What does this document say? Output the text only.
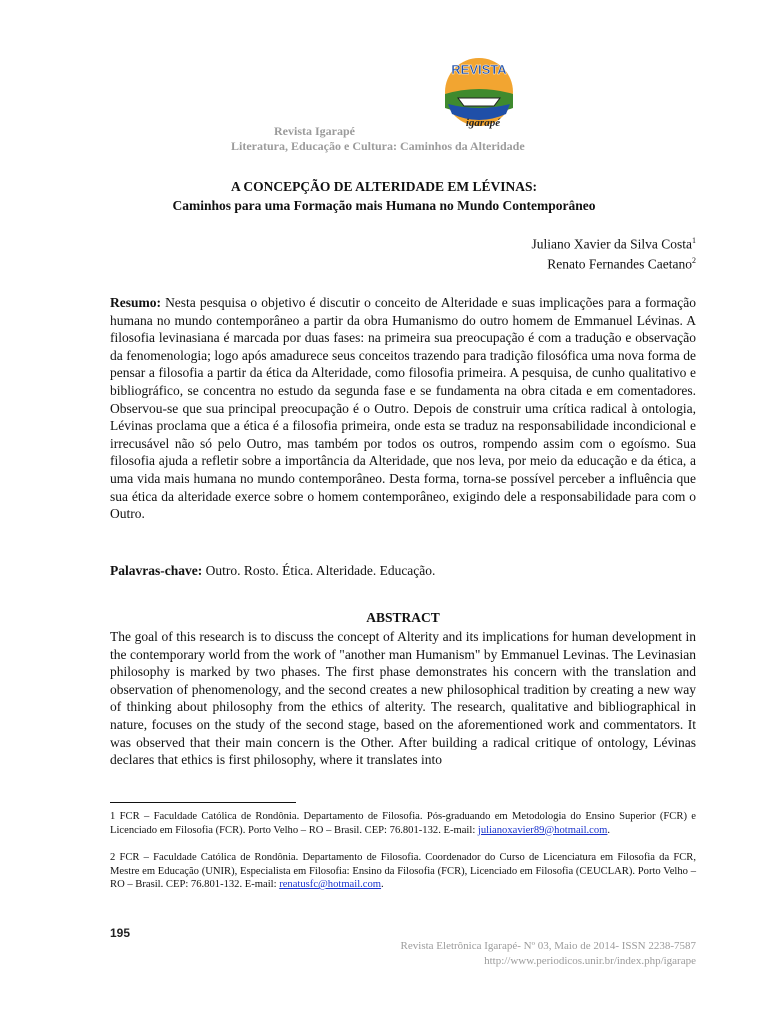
REVISTA
igarapé
Revista Igarapé
Literatura, Educação e Cultura: Caminhos da Alteridade
A CONCEPÇÃO DE ALTERIDADE EM LÉVINAS:
Caminhos para uma Formação mais Humana no Mundo Contemporâneo
Juliano Xavier da Silva Costa$^1$
Renato Fernandes Caetano$^2$
Resumo: Nesta pesquisa o objetivo é discutir o conceito de Alteridade e suas implicações para a formação humana no mundo contemporâneo a partir da obra Humanismo do outro homem de Emmanuel Lévinas. A filosofia levinasiana é marcada por duas fases: na primeira sua preocupação é com a tradução e observação da fenomenologia; logo após amadurece seus conceitos trazendo para tradição filosófica uma nova forma de pensar a filosofia a partir da ética da Alteridade, como filosofia primeira. A pesquisa, de cunho qualitativo e bibliográfico, se concentra no estudo da segunda fase e se fundamenta na obra citada e em comentadores. Observou-se que sua principal preocupação é o Outro. Depois de construir uma crítica radical à ontologia, Lévinas proclama que a ética é a filosofia primeira, onde esta se traduz na responsabilidade incondicional e irrecusável não só pelo Outro, mas também por todos os outros, rompendo assim com o egoísmo. Sua filosofia ajuda a refletir sobre a importância da Alteridade, que nos leva, por meio da educação e da ética, a uma vida mais humana no mundo contemporâneo. Desta forma, torna-se possível perceber a influência que sua ética da alteridade exerce sobre o homem contemporâneo, exigindo dele a responsabilidade para com o Outro.
Palavras-chave: Outro. Rosto. Ética. Alteridade. Educação.
ABSTRACT
The goal of this research is to discuss the concept of Alterity and its implications for human development in the contemporary world from the work of "another man Humanism" by Emmanuel Levinas. The Levinasian philosophy is marked by two phases. The first phase demonstrates his concern with the translation and observation of phenomenology, and the second creates a new philosophical tradition by creating a new way of thinking about philosophy from the ethics of alterity. The research, qualitative and bibliographical in nature, focuses on the study of the second stage, based on the aforementioned work and commentators. It was observed that their main concern is the Other. After building a radical critique of ontology, Lévinas declares that ethics is first philosophy, where it translates into
1 FCR – Faculdade Católica de Rondônia. Departamento de Filosofia. Pós-graduando em Metodologia do Ensino Superior (FCR) e Licenciado em Filosofia (FCR). Porto Velho – RO – Brasil. CEP: 76.801-132. E-mail: julianoxavier89@hotmail.com.
2 FCR – Faculdade Católica de Rondônia. Departamento de Filosofia. Coordenador do Curso de Licenciatura em Filosofia da FCR, Mestre em Educação (UNIR), Especialista em Filosofia: Ensino da Filosofia (FCR), Licenciado em Filosofia (CEUCLAR). Porto Velho – RO – Brasil. CEP: 76.801-132. E-mail: renatusfc@hotmail.com.
195
Revista Eletrônica Igarapé- Nº 03, Maio de 2014- ISSN 2238-7587
http://www.periodicos.unir.br/index.php/igarape
